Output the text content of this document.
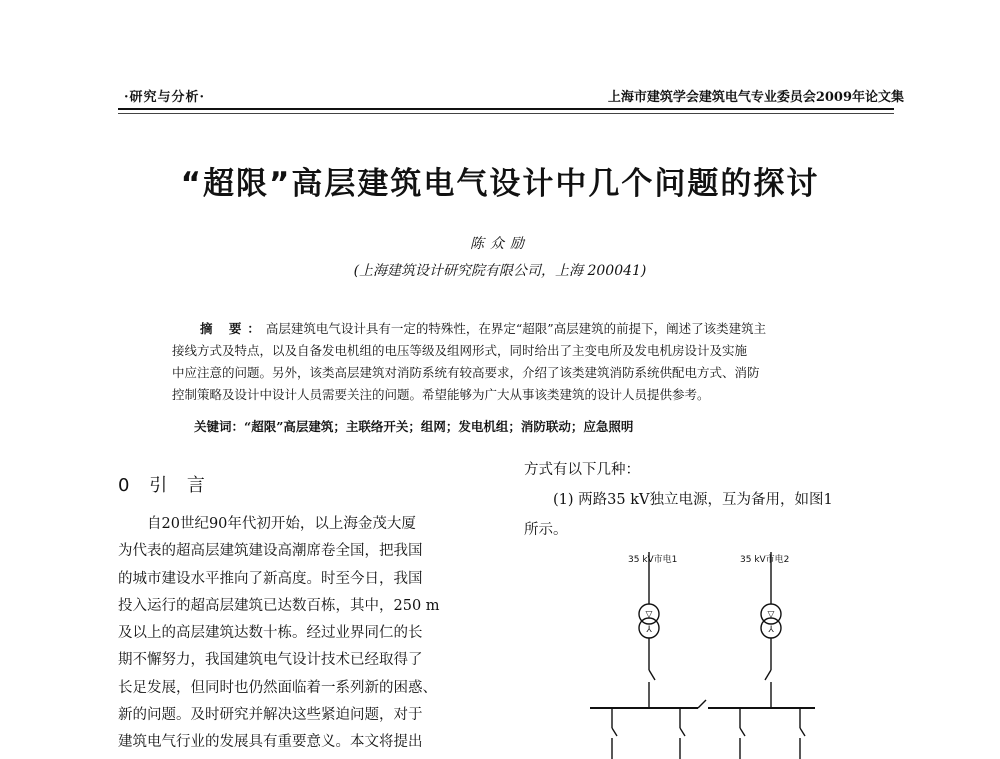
·研究与分析·	上海市建筑学会建筑电气专业委员会2009年论文集
“超限”高层建筑电气设计中几个问题的探讨
陈众励
(上海建筑设计研究院有限公司，上海 200041)
摘 要：高层建筑电气设计具有一定的特殊性，在界定“超限”高层建筑的前提下，阐述了该类建筑主
接线方式及特点，以及自备发电机组的电压等级及组网形式，同时给出了主变电所及发电机房设计及实施
中应注意的问题。另外，该类高层建筑对消防系统有较高要求，介绍了该类建筑消防系统供配电方式、消防
控制策略及设计中设计人员需要关注的问题。希望能够为广大从事该类建筑的设计人员提供参考。
关键词：“超限”高层建筑；主联络开关；组网；发电机组；消防联动；应急照明
0 引 言
自20世纪90年代初开始，以上海金茂大厦
为代表的超高层建筑建设高潮席卷全国，把我国
的城市建设水平推向了新高度。时至今日，我国
投入运行的超高层建筑已达数百栋，其中，250 m
及以上的高层建筑达数十栋。经过业界同仁的长
期不懈努力，我国建筑电气设计技术已经取得了
长足发展，但同时也仍然面临着一系列新的困惑、
新的问题。及时研究并解决这些紧迫问题，对于
建筑电气行业的发展具有重要意义。本文将提出
方式有以下几种：
(1) 两路35 kV独立电源，互为备用，如图1
所示。
35 kV市电1	35 kV市电2
▽
⅄
▽
⅄
